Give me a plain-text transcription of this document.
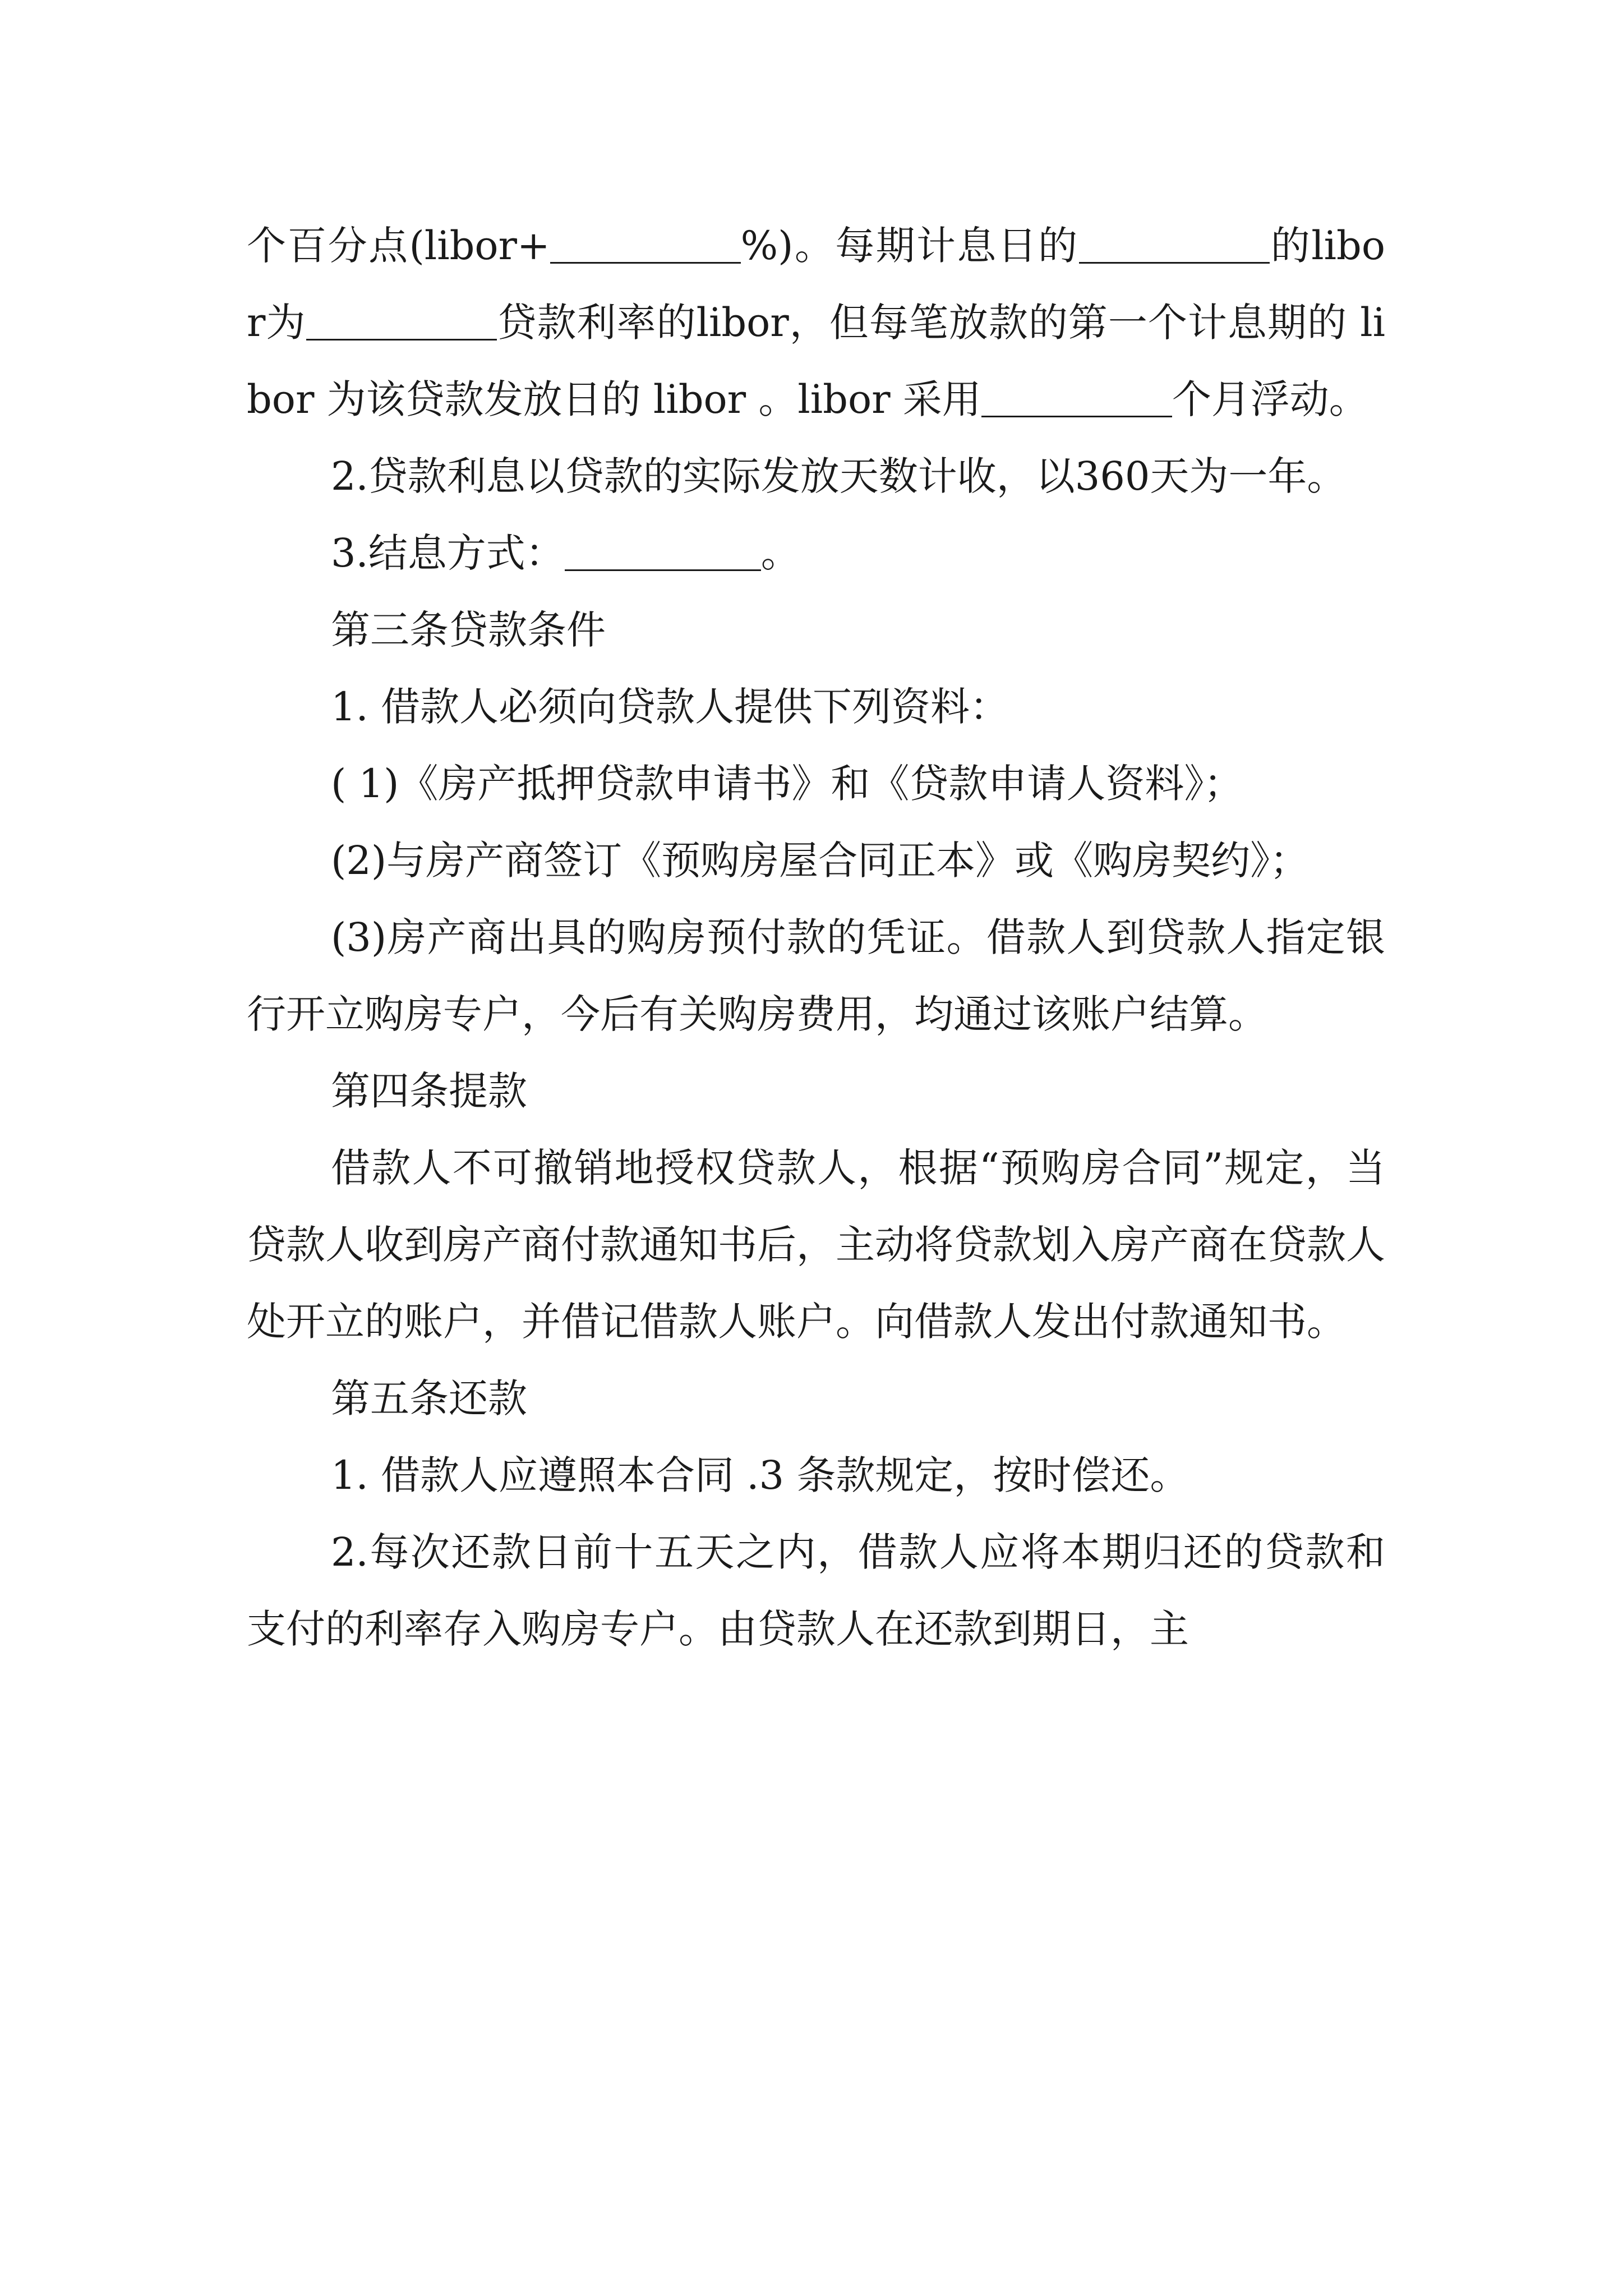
个百分点(libor+	%)。每期计息日的	的libor为	贷款利率的libor，但每笔放款的第一个计息期的 libor 为该贷款发放日的 libor 。libor 采用	个月浮动。

2.贷款利息以贷款的实际发放天数计收，以360天为一年。

3.结息方式：	。

第三条贷款条件

1. 借款人必须向贷款人提供下列资料：

( 1)《房产抵押贷款申请书》和《贷款申请人资料》；

(2)与房产商签订《预购房屋合同正本》或《购房契约》；

(3)房产商出具的购房预付款的凭证。借款人到贷款人指定银行开立购房专户，今后有关购房费用，均通过该账户结算。

第四条提款

借款人不可撤销地授权贷款人，根据“预购房合同”规定，当贷款人收到房产商付款通知书后，主动将贷款划入房产商在贷款人处开立的账户，并借记借款人账户。向借款人发出付款通知书。

第五条还款

1. 借款人应遵照本合同 .3 条款规定，按时偿还。

2.每次还款日前十五天之内，借款人应将本期归还的贷款和支付的利率存入购房专户。由贷款人在还款到期日，主
